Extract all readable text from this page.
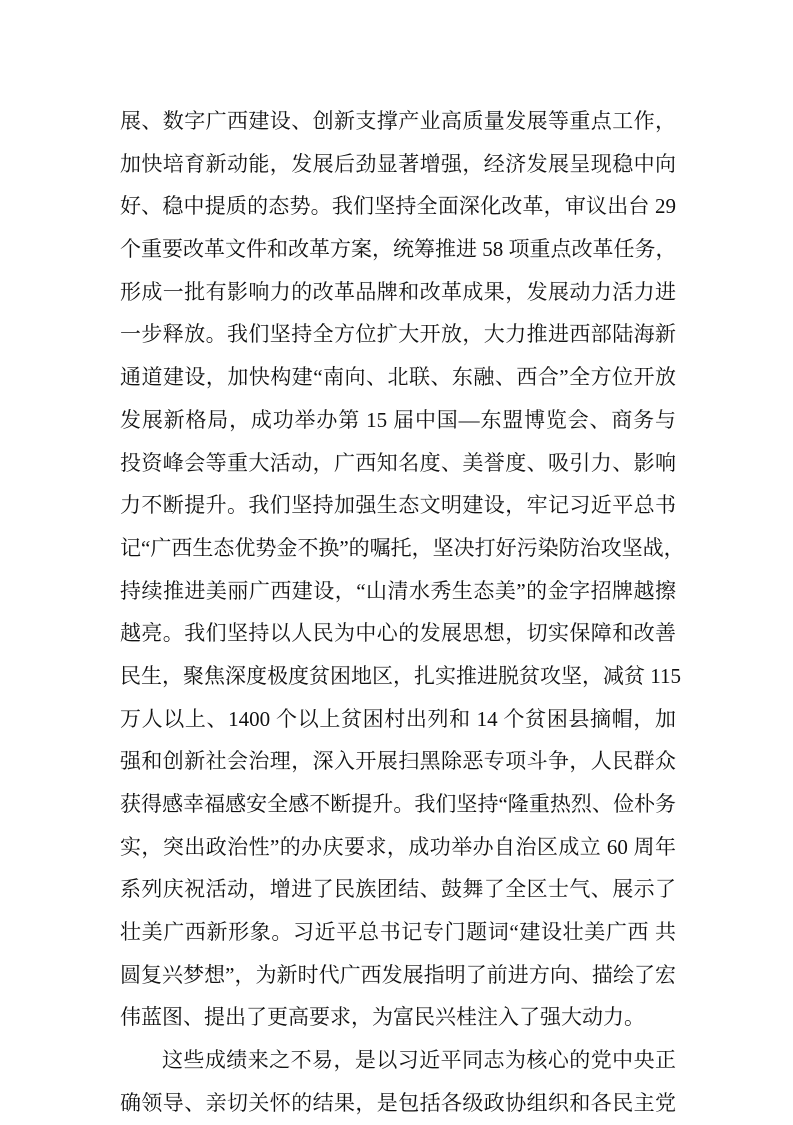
展、数字广西建设、创新支撑产业高质量发展等重点工作，
加快培育新动能，发展后劲显著增强，经济发展呈现稳中向
好、稳中提质的态势。我们坚持全面深化改革，审议出台 29
个重要改革文件和改革方案，统筹推进 58 项重点改革任务，
形成一批有影响力的改革品牌和改革成果，发展动力活力进
一步释放。我们坚持全方位扩大开放，大力推进西部陆海新
通道建设，加快构建“南向、北联、东融、西合”全方位开放
发展新格局，成功举办第 15 届中国—东盟博览会、商务与
投资峰会等重大活动，广西知名度、美誉度、吸引力、影响
力不断提升。我们坚持加强生态文明建设，牢记习近平总书
记“广西生态优势金不换”的嘱托，坚决打好污染防治攻坚战，
持续推进美丽广西建设，“山清水秀生态美”的金字招牌越擦
越亮。我们坚持以人民为中心的发展思想，切实保障和改善
民生，聚焦深度极度贫困地区，扎实推进脱贫攻坚，减贫 115
万人以上、1400 个以上贫困村出列和 14 个贫困县摘帽，加
强和创新社会治理，深入开展扫黑除恶专项斗争，人民群众
获得感幸福感安全感不断提升。我们坚持“隆重热烈、俭朴务
实，突出政治性”的办庆要求，成功举办自治区成立 60 周年
系列庆祝活动，增进了民族团结、鼓舞了全区士气、展示了
壮美广西新形象。习近平总书记专门题词“建设壮美广西 共
圆复兴梦想”，为新时代广西发展指明了前进方向、描绘了宏
伟蓝图、提出了更高要求，为富民兴桂注入了强大动力。
这些成绩来之不易，是以习近平同志为核心的党中央正
确领导、亲切关怀的结果，是包括各级政协组织和各民主党
